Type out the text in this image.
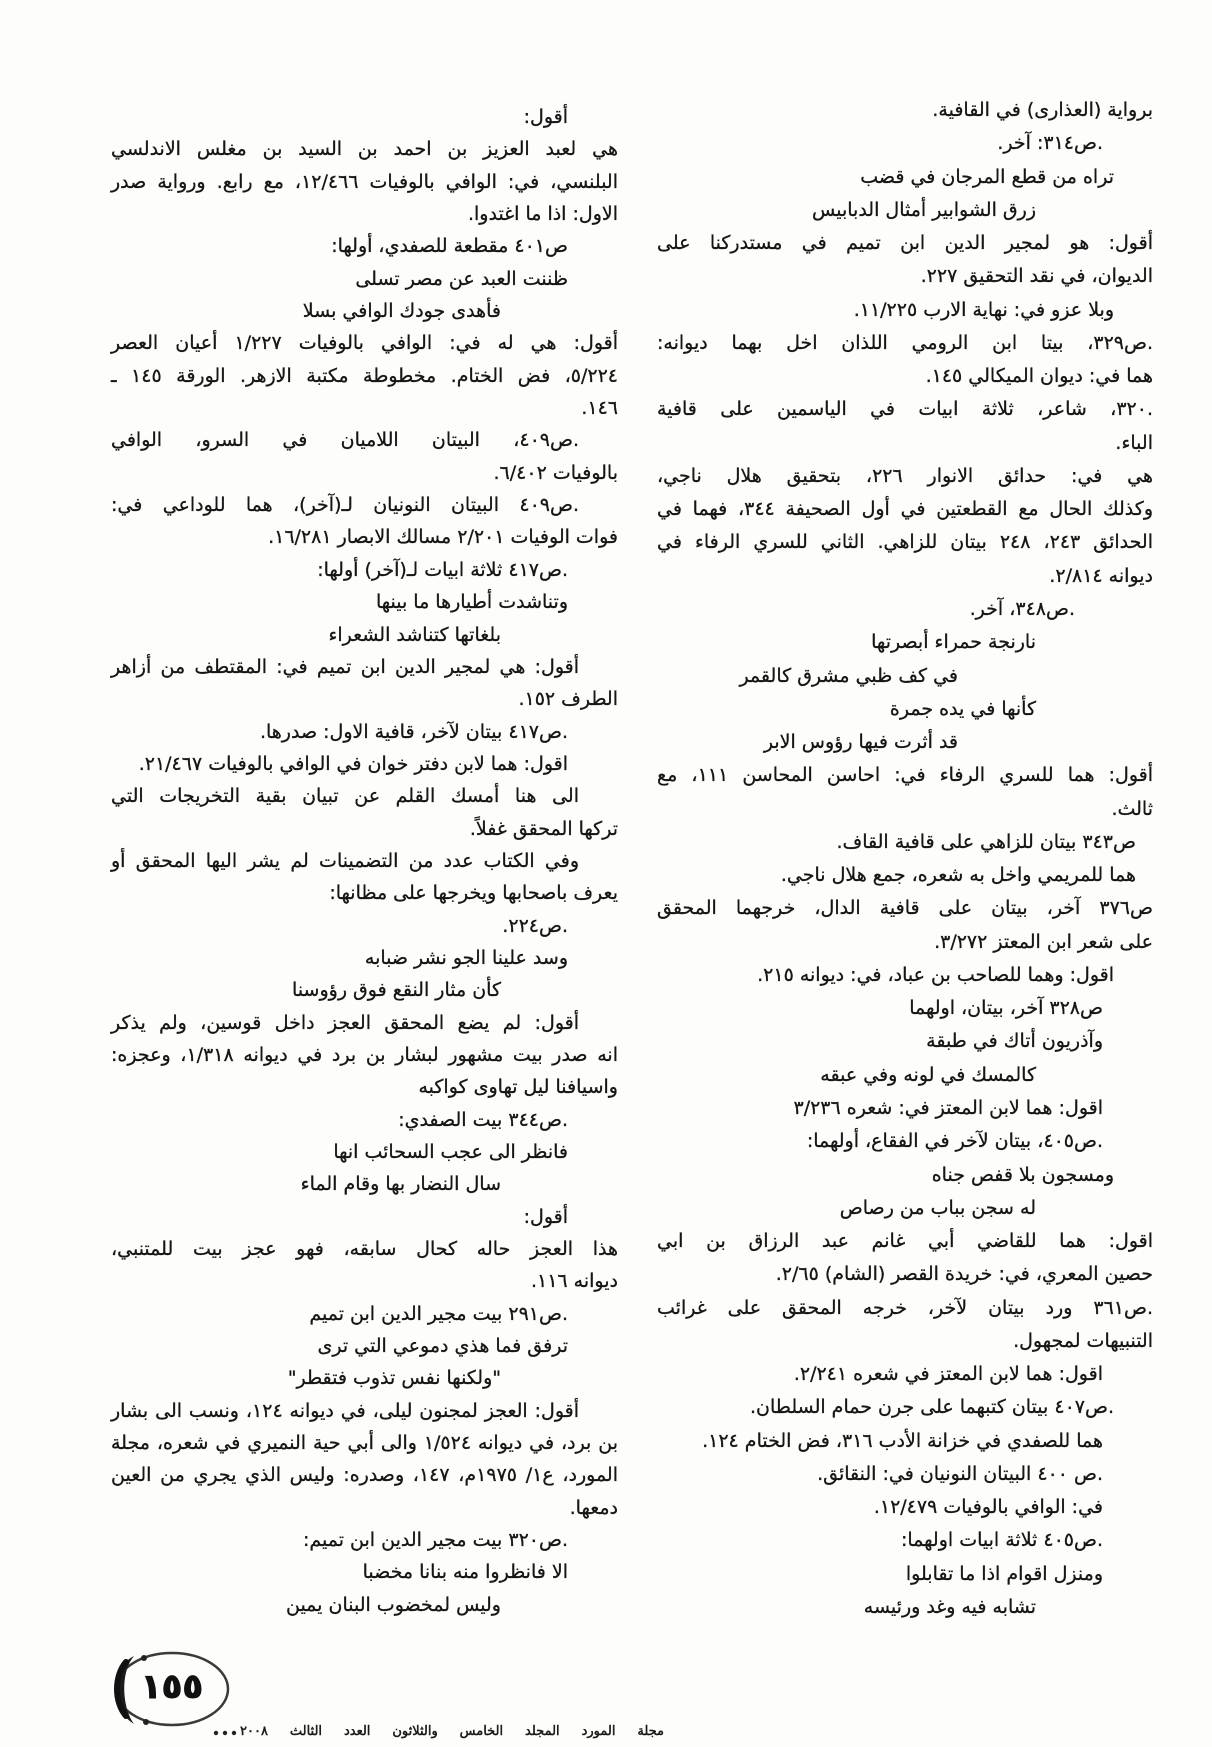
برواية (العذارى) في القافية.
.ص٣١٤: آخر.
تراه من قطع المرجان في قضب
زرق الشوابير أمثال الدبابيس
أقول: هو لمجير الدين ابن تميم في مستدركنا على
الديوان، في نقد التحقيق ٢٢٧.
وبلا عزو في: نهاية الارب ١١/٢٢٥.
.ص٣٢٩، بيتا ابن الرومي اللذان اخل بهما ديوانه:
هما في: ديوان الميكالي ١٤٥.
.٣٢٠، شاعر، ثلاثة ابيات في الياسمين على قافية
الباء.
هي في: حدائق الانوار ٢٢٦، بتحقيق هلال ناجي،
وكذلك الحال مع القطعتين في أول الصحيفة ٣٤٤، فهما في
الحدائق ٢٤٣، ٢٤٨ بيتان للزاهي. الثاني للسري الرفاء في
ديوانه ٢/٨١٤.
.ص٣٤٨، آخر.
نارنجة حمراء أبصرتها
في كف ظبي مشرق كالقمر
كأنها في يده جمرة
قد أثرت فيها رؤوس الابر
أقول: هما للسري الرفاء في: احاسن المحاسن ١١١، مع
ثالث.
ص٣٤٣ بيتان للزاهي على قافية القاف.
هما للمريمي واخل به شعره، جمع هلال ناجي.
ص٣٧٦ آخر، بيتان على قافية الدال، خرجهما المحقق
على شعر ابن المعتز ٣/٢٧٢.
اقول: وهما للصاحب بن عباد، في: ديوانه ٢١٥.
ص٣٢٨ آخر، بيتان، اولهما
وآذريون أتاك في طبقة
كالمسك في لونه وفي عبقه
اقول: هما لابن المعتز في: شعره ٣/٢٣٦
.ص٤٠٥، بيتان لآخر في الفقاع، أولهما:
ومسجون بلا قفص جناه
له سجن بباب من رصاص
اقول: هما للقاضي أبي غانم عبد الرزاق بن ابي
حصين المعري، في: خريدة القصر (الشام) ٢/٦٥.
.ص٣٦١ ورد بيتان لآخر، خرجه المحقق على غرائب
التنبيهات لمجهول.
اقول: هما لابن المعتز في شعره ٢/٢٤١.
.ص٤٠٧ بيتان كتبهما على جرن حمام السلطان.
هما للصفدي في خزانة الأدب ٣١٦، فض الختام ١٢٤.
.ص ٤٠٠ البيتان النونيان في: النقائق.
في: الوافي بالوفيات ١٢/٤٧٩.
.ص٤٠٥ ثلاثة ابيات اولهما:
ومنزل اقوام اذا ما تقابلوا
تشابه فيه وغد ورئيسه
أقول:
هي لعبد العزيز بن احمد بن السيد بن مغلس الاندلسي
البلنسي، في: الوافي بالوفيات ١٢/٤٦٦، مع رابع. ورواية صدر
الاول: اذا ما اغتدوا.
ص٤٠١ مقطعة للصفدي، أولها:
ظننت العبد عن مصر تسلى
فأهدى جودك الوافي بسلا
أقول: هي له في: الوافي بالوفيات ١/٢٢٧ أعيان العصر
٥/٢٢٤، فض الختام. مخطوطة مكتبة الازهر. الورقة ١٤٥ ـ
١٤٦.
.ص٤٠٩، البيتان اللاميان في السرو، الوافي
بالوفيات ٦/٤٠٢.
.ص٤٠٩ البيتان النونيان لـ(آخر)، هما للوداعي في:
فوات الوفيات ٢/٢٠١ مسالك الابصار ١٦/٢٨١.
.ص٤١٧ ثلاثة ابيات لـ(آخر) أولها:
وتناشدت أطيارها ما بينها
بلغاتها كتناشد الشعراء
أقول: هي لمجير الدين ابن تميم في: المقتطف من أزاهر
الطرف ١٥٢.
.ص٤١٧ بيتان لآخر، قافية الاول: صدرها.
اقول: هما لابن دفتر خوان في الوافي بالوفيات ٢١/٤٦٧.
الى هنا أمسك القلم عن تبيان بقية التخريجات التي
تركها المحقق غفلاً.
وفي الكتاب عدد من التضمينات لم يشر اليها المحقق أو
يعرف باصحابها ويخرجها على مظانها:
.ص٢٢٤.
وسد علينا الجو نشر ضبابه
كأن مثار النقع فوق رؤوسنا
أقول: لم يضع المحقق العجز داخل قوسين، ولم يذكر
انه صدر بيت مشهور لبشار بن برد في ديوانه ١/٣١٨، وعجزه:
واسيافنا ليل تهاوى كواكبه
.ص٣٤٤ بيت الصفدي:
فانظر الى عجب السحائب انها
سال النضار بها وقام الماء
أقول:
هذا العجز حاله كحال سابقه، فهو عجز بيت للمتنبي،
ديوانه ١١٦.
.ص٢٩١ بيت مجير الدين ابن تميم
ترفق فما هذي دموعي التي ترى
"ولكنها نفس تذوب فتقطر"
أقول: العجز لمجنون ليلى، في ديوانه ١٢٤، ونسب الى بشار
بن برد، في ديوانه ١/٥٢٤ والى أبي حية النميري في شعره، مجلة
المورد، ع١/ ١٩٧٥م، ١٤٧، وصدره: وليس الذي يجري من العين
دمعها.
.ص٣٢٠ بيت مجير الدين ابن تميم:
الا فانظروا منه بنانا مخضبا
وليس لمخضوب البنان يمين
١٥٥
مجلة المورد المجلد الخامس والثلاثون العدد الثالث ٢٠٠٨
